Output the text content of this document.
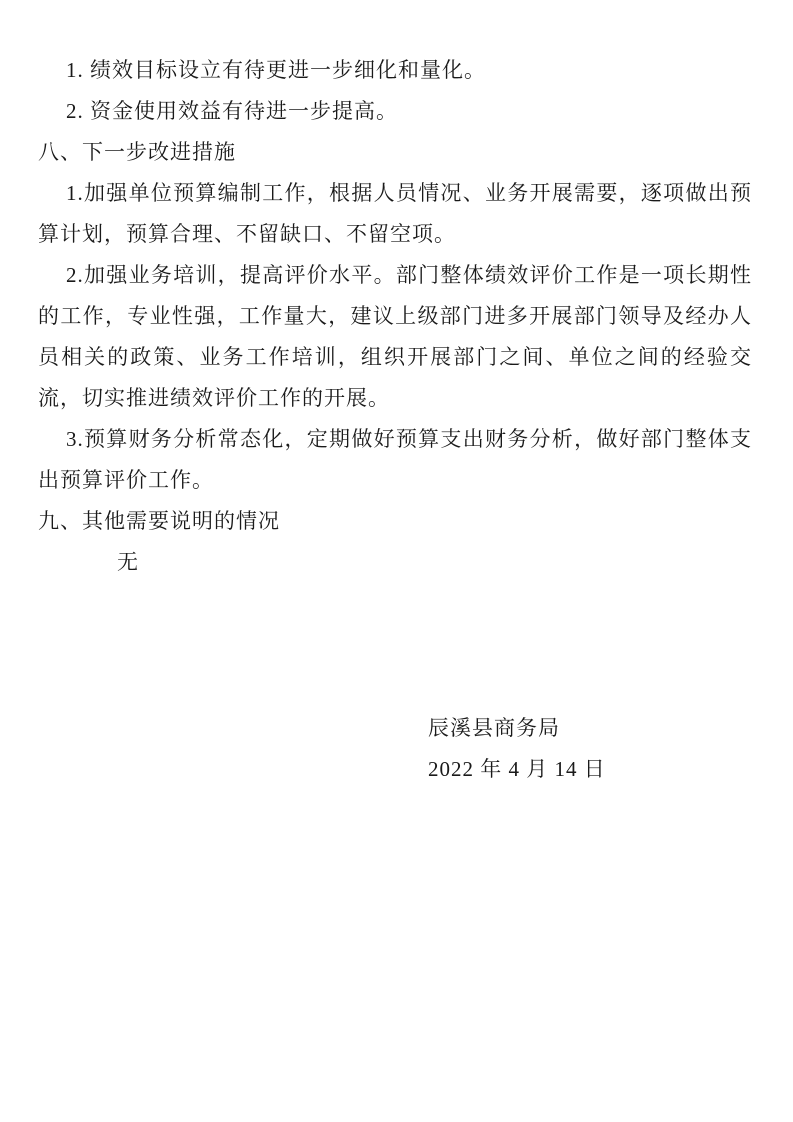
1. 绩效目标设立有待更进一步细化和量化。

2. 资金使用效益有待进一步提高。

八、下一步改进措施

1.加强单位预算编制工作，根据人员情况、业务开展需要，逐项做出预算计划，预算合理、不留缺口、不留空项。

2.加强业务培训，提高评价水平。部门整体绩效评价工作是一项长期性的工作，专业性强，工作量大，建议上级部门进多开展部门领导及经办人员相关的政策、业务工作培训，组织开展部门之间、单位之间的经验交流，切实推进绩效评价工作的开展。

3.预算财务分析常态化，定期做好预算支出财务分析，做好部门整体支出预算评价工作。

九、其他需要说明的情况

无

辰溪县商务局

2022 年 4 月 14 日
